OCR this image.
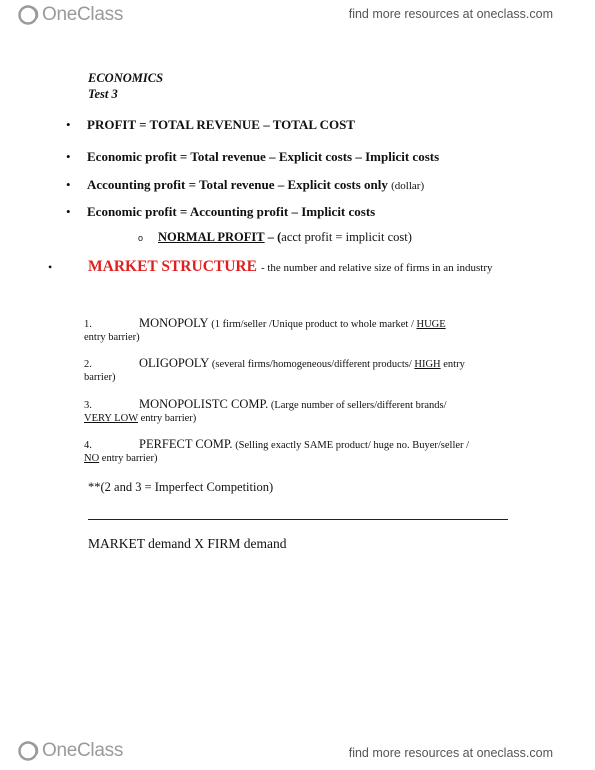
OneClass	find more resources at oneclass.com
ECONOMICS
Test 3
• PROFIT = TOTAL REVENUE – TOTAL COST
• Economic profit = Total revenue – Explicit costs – Implicit costs
• Accounting profit = Total revenue – Explicit costs only (dollar)
• Economic profit = Accounting profit – Implicit costs
o NORMAL PROFIT – (acct profit = implicit cost)
• MARKET STRUCTURE - the number and relative size of firms in an industry
1.	MONOPOLY (1 firm/seller /Unique product to whole market / HUGE
entry barrier)
2.	OLIGOPOLY (several firms/homogeneous/different products/ HIGH entry
barrier)
3.	MONOPOLISTC COMP. (Large number of sellers/different brands/
VERY LOW entry barrier)
4.	PERFECT COMP. (Selling exactly SAME product/ huge no. Buyer/seller /
NO entry barrier)
**(2 and 3 = Imperfect Competition)
MARKET demand X FIRM demand
OneClass	find more resources at oneclass.com
